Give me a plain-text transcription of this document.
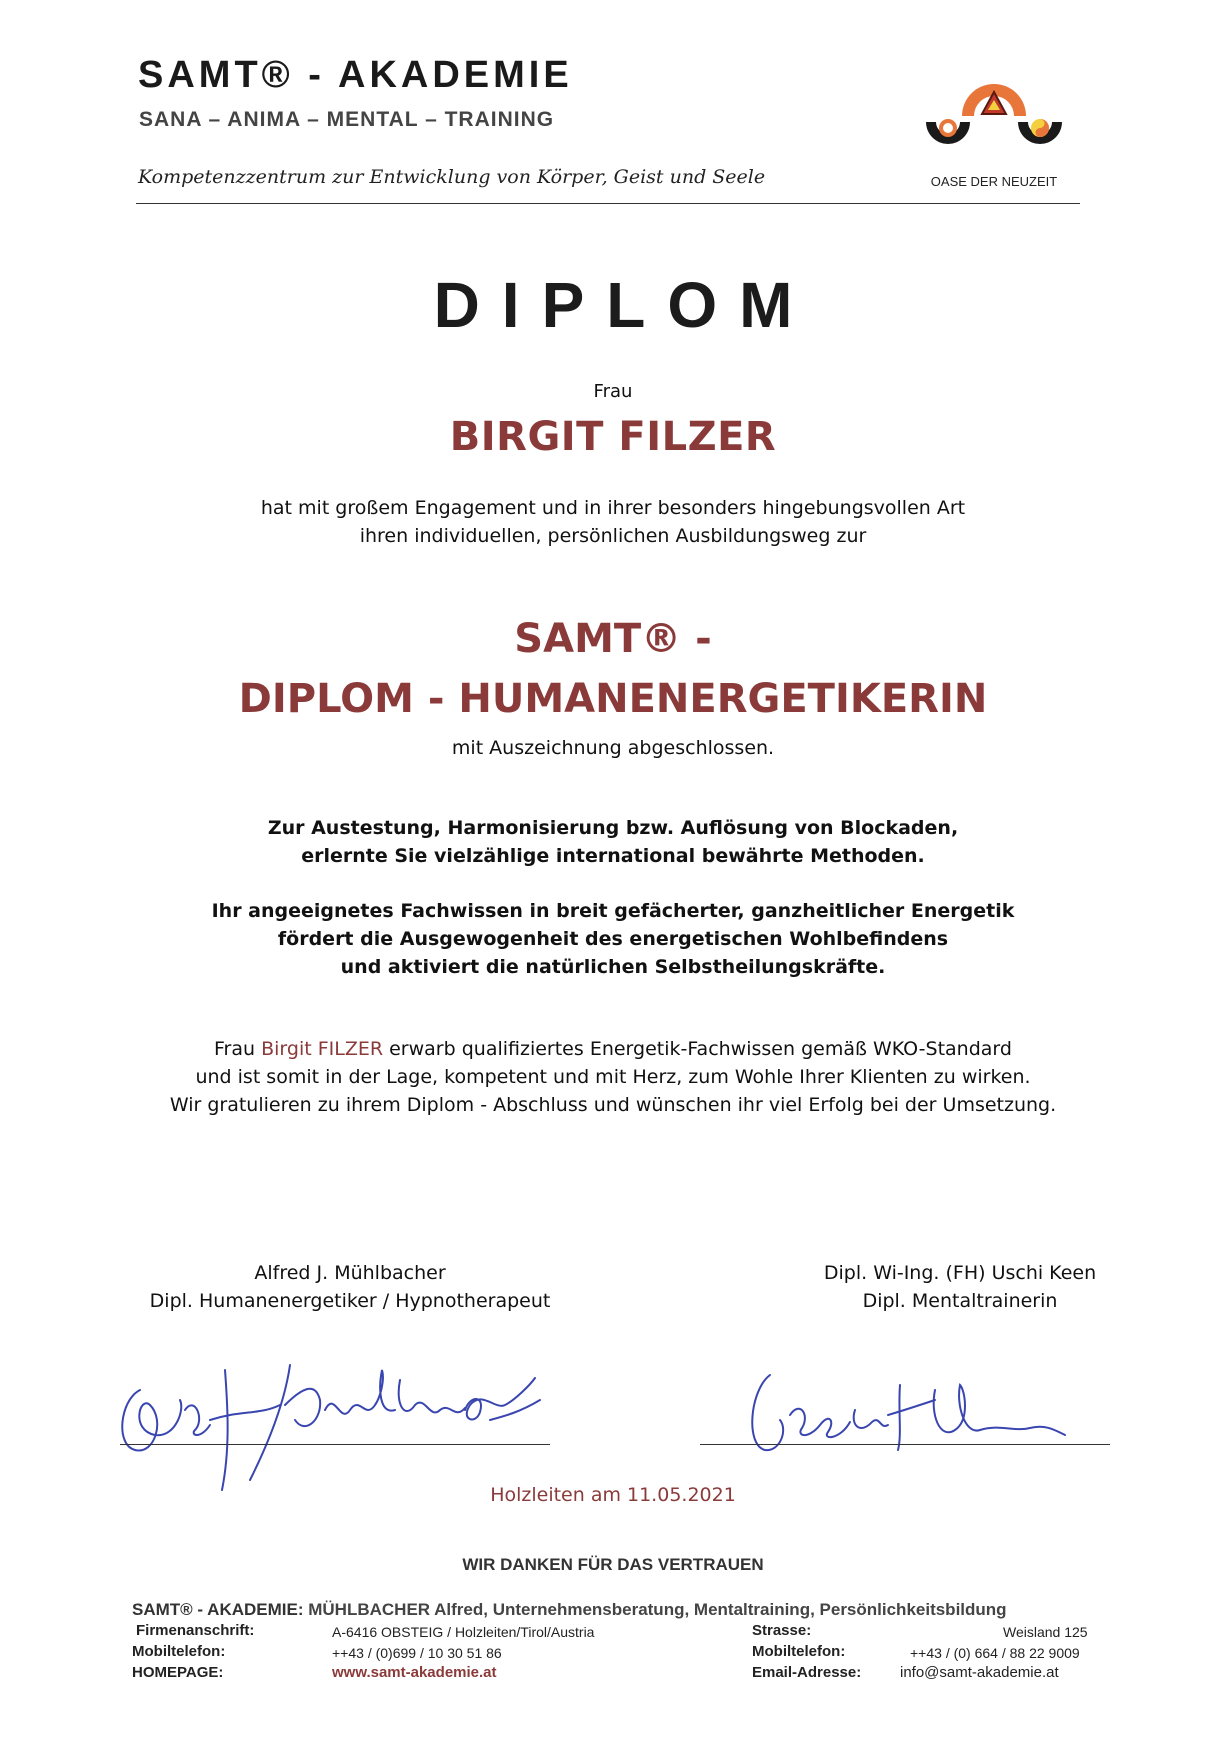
SAMT® - AKADEMIE
SANA – ANIMA – MENTAL – TRAINING
Kompetenzzentrum zur Entwicklung von Körper, Geist und Seele	OASE DER NEUZEIT
DIPLOM
Frau
BIRGIT FILZER
hat mit großem Engagement und in ihrer besonders hingebungsvollen Art
ihren individuellen, persönlichen Ausbildungsweg zur
SAMT® -
DIPLOM - HUMANENERGETIKERIN
mit Auszeichnung abgeschlossen.
Zur Austestung, Harmonisierung bzw. Auflösung von Blockaden,
erlernte Sie vielzählige international bewährte Methoden.
Ihr angeeignetes Fachwissen in breit gefächerter, ganzheitlicher Energetik
fördert die Ausgewogenheit des energetischen Wohlbefindens
und aktiviert die natürlichen Selbstheilungskräfte.
Frau Birgit FILZER erwarb qualifiziertes Energetik-Fachwissen gemäß WKO-Standard
und ist somit in der Lage, kompetent und mit Herz, zum Wohle Ihrer Klienten zu wirken.
Wir gratulieren zu ihrem Diplom - Abschluss und wünschen ihr viel Erfolg bei der Umsetzung.
Alfred J. Mühlbacher
Dipl. Humanenergetiker / Hypnotherapeut
Dipl. Wi-Ing. (FH) Uschi Keen
Dipl. Mentaltrainerin
Holzleiten am 11.05.2021
WIR DANKEN FÜR DAS VERTRAUEN
SAMT® - AKADEMIE: MÜHLBACHER Alfred, Unternehmensberatung, Mentaltraining, Persönlichkeitsbildung
Firmenanschrift:	A-6416 OBSTEIG / Holzleiten/Tirol/Austria
Mobiltelefon:	++43 / (0)699 / 10 30 51 86
HOMEPAGE:	www.samt-akademie.at
Strasse:	Weisland 125
Mobiltelefon:	++43 / (0) 664 / 88 22 9009
Email-Adresse:	info@samt-akademie.at
